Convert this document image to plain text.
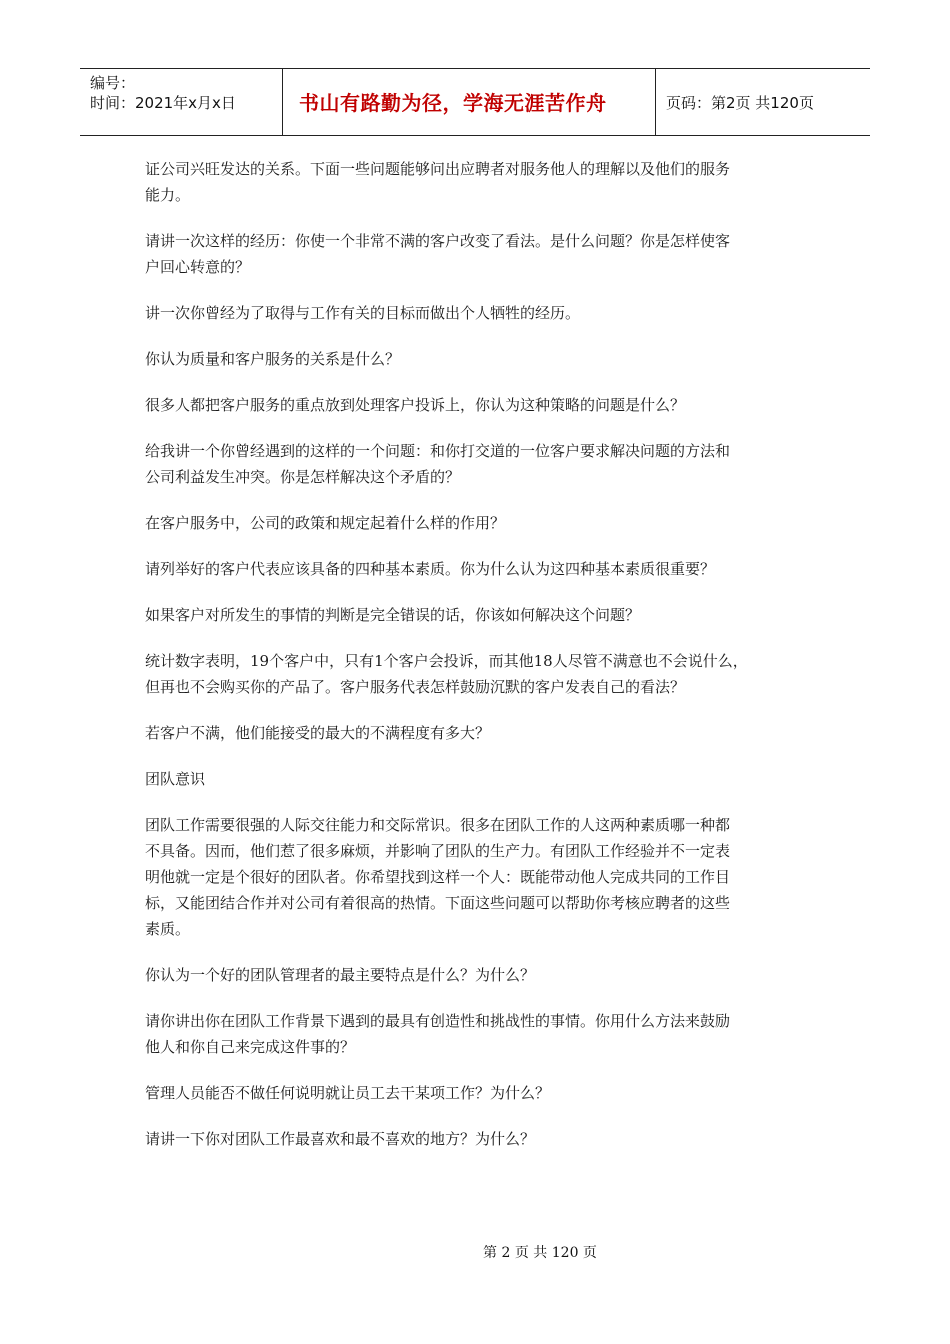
编号：
时间：2021年x月x日	书山有路勤为径，学海无涯苦作舟	页码：第2页 共120页

证公司兴旺发达的关系。下面一些问题能够问出应聘者对服务他人的理解以及他们的服务
能力。

请讲一次这样的经历：你使一个非常不满的客户改变了看法。是什么问题？你是怎样使客
户回心转意的？

讲一次你曾经为了取得与工作有关的目标而做出个人牺牲的经历。

你认为质量和客户服务的关系是什么？

很多人都把客户服务的重点放到处理客户投诉上，你认为这种策略的问题是什么？

给我讲一个你曾经遇到的这样的一个问题：和你打交道的一位客户要求解决问题的方法和
公司利益发生冲突。你是怎样解决这个矛盾的？

在客户服务中，公司的政策和规定起着什么样的作用？

请列举好的客户代表应该具备的四种基本素质。你为什么认为这四种基本素质很重要？

如果客户对所发生的事情的判断是完全错误的话，你该如何解决这个问题？

统计数字表明，19个客户中，只有1个客户会投诉，而其他18人尽管不满意也不会说什么，
但再也不会购买你的产品了。客户服务代表怎样鼓励沉默的客户发表自己的看法？

若客户不满，他们能接受的最大的不满程度有多大？

团队意识

团队工作需要很强的人际交往能力和交际常识。很多在团队工作的人这两种素质哪一种都
不具备。因而，他们惹了很多麻烦，并影响了团队的生产力。有团队工作经验并不一定表
明他就一定是个很好的团队者。你希望找到这样一个人：既能带动他人完成共同的工作目
标，又能团结合作并对公司有着很高的热情。下面这些问题可以帮助你考核应聘者的这些
素质。

你认为一个好的团队管理者的最主要特点是什么？为什么？

请你讲出你在团队工作背景下遇到的最具有创造性和挑战性的事情。你用什么方法来鼓励
他人和你自己来完成这件事的？

管理人员能否不做任何说明就让员工去干某项工作？为什么？

请讲一下你对团队工作最喜欢和最不喜欢的地方？为什么？

第 2 页 共 120 页
